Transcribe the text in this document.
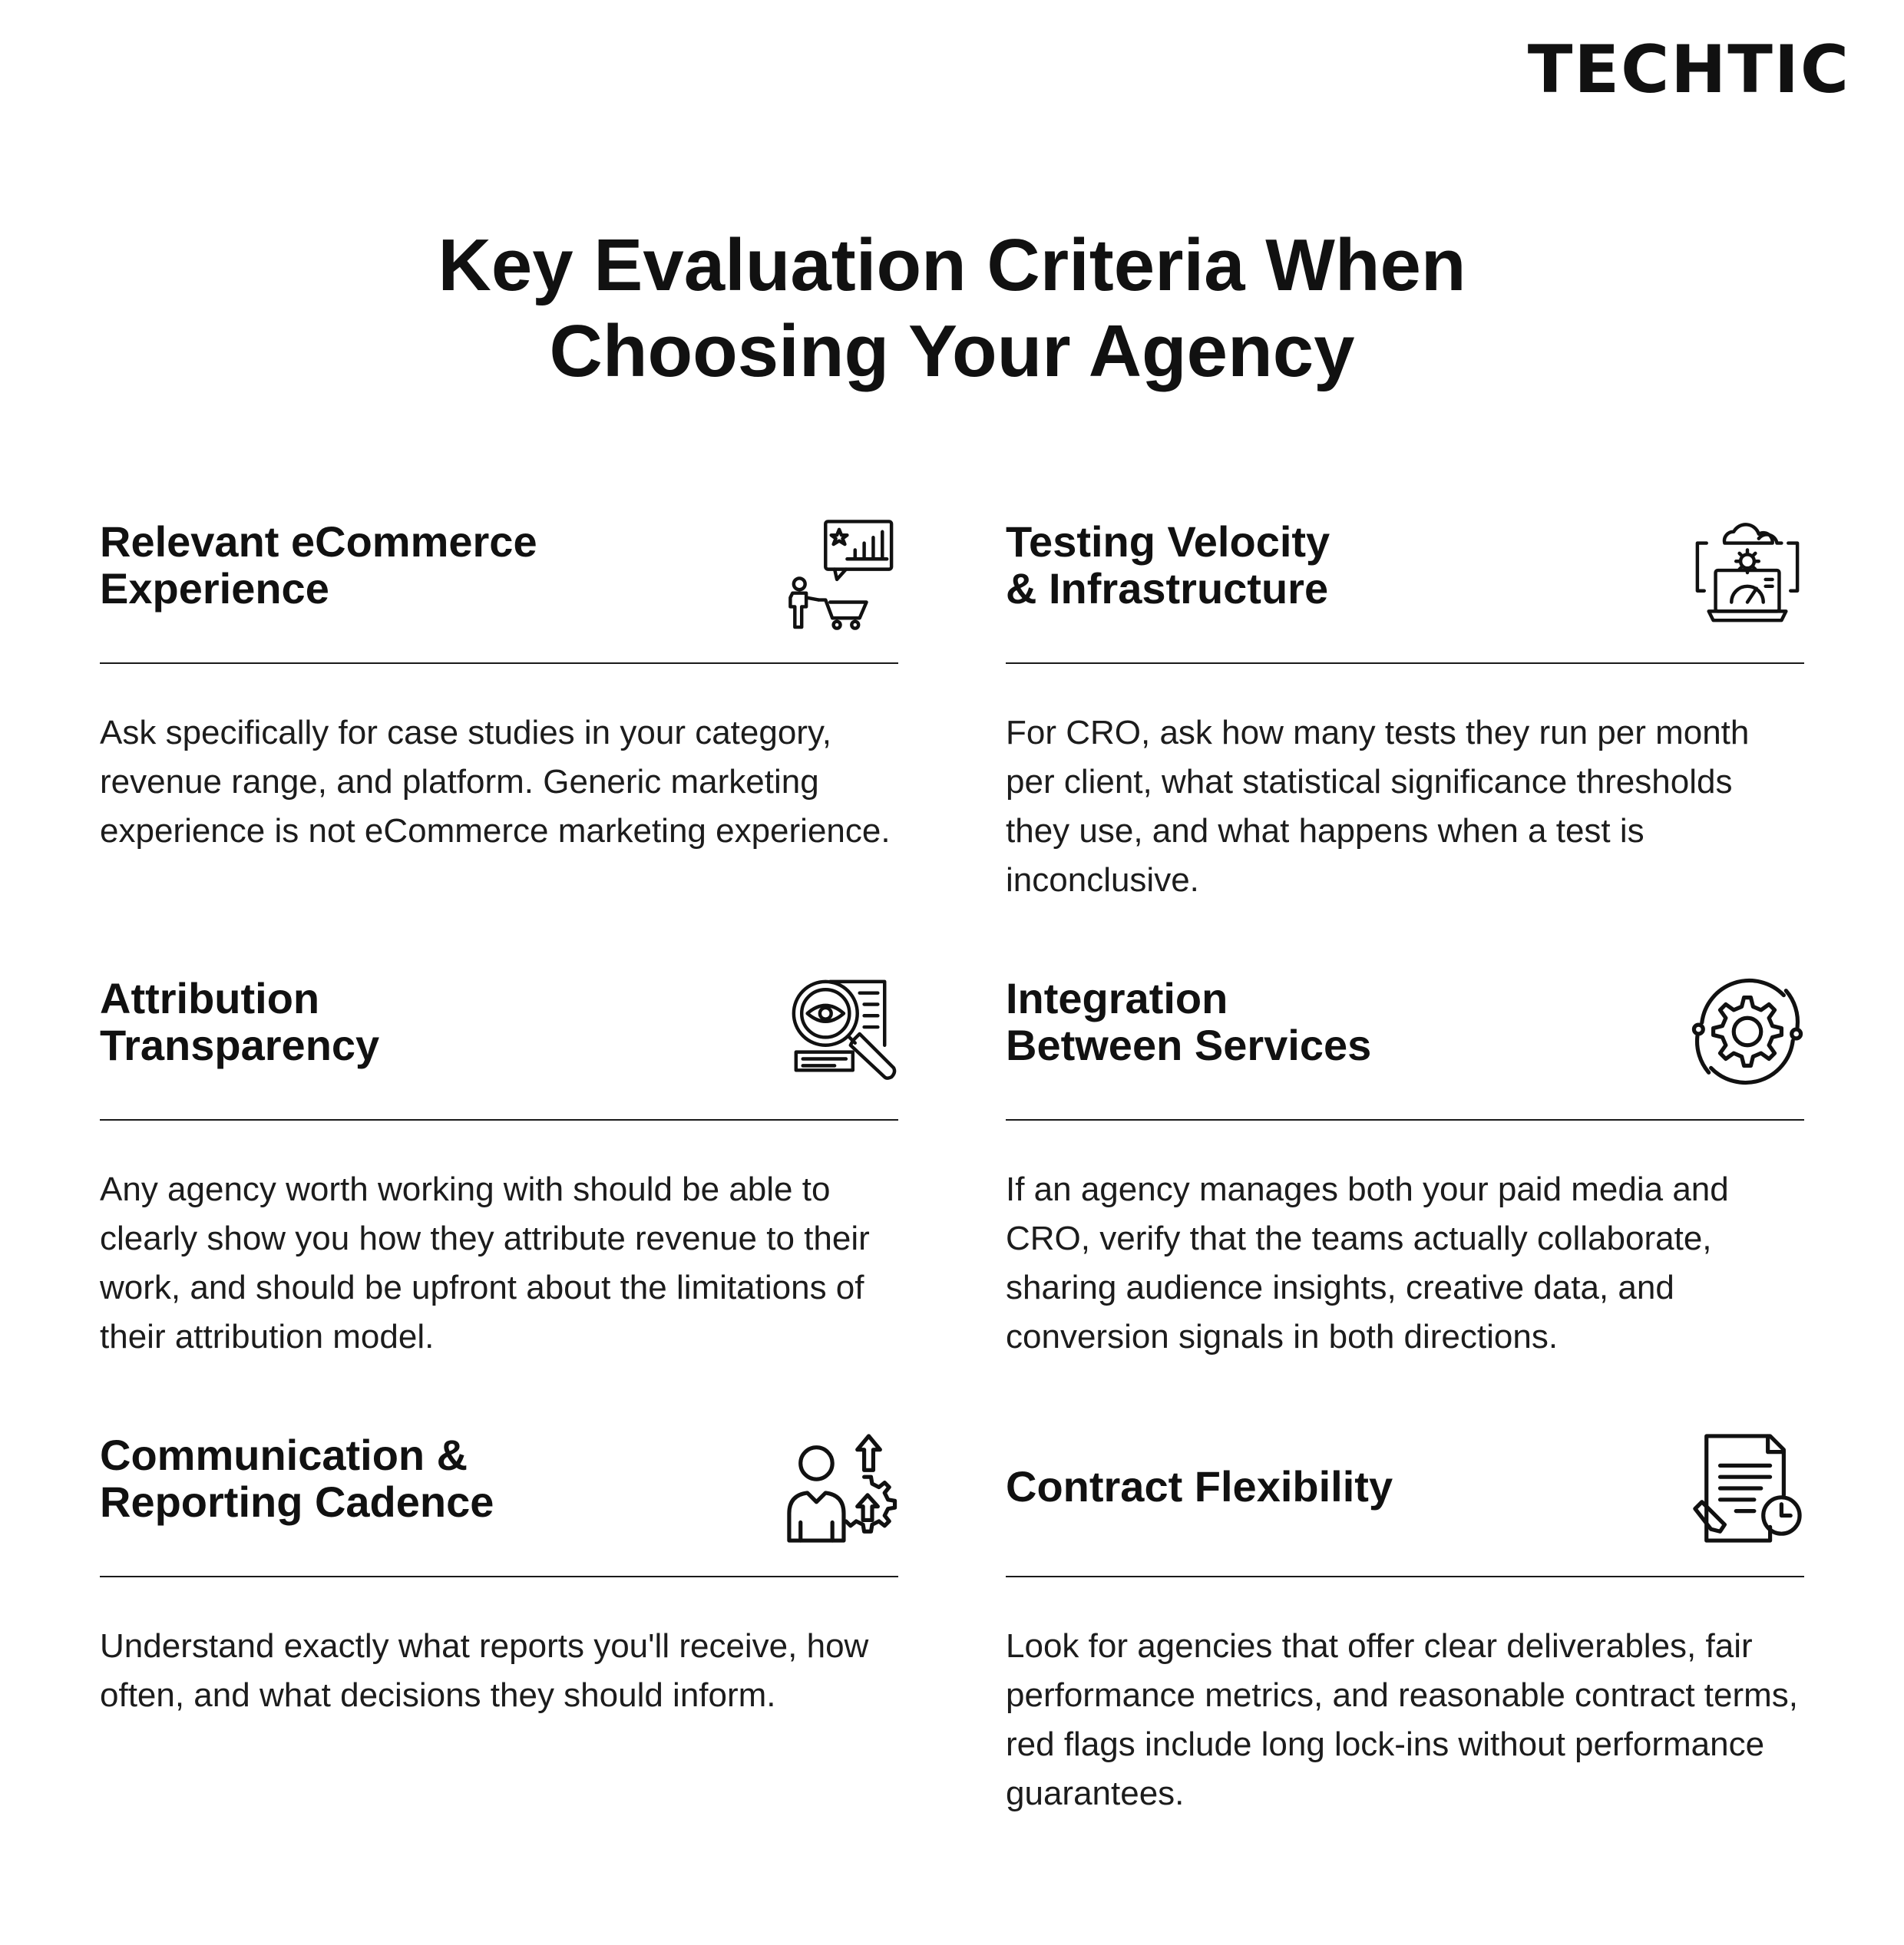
TECHTIC
Key Evaluation Criteria When
Choosing Your Agency
Relevant eCommerce
Experience
Ask specifically for case studies in your category, revenue range, and platform. Generic marketing experience is not eCommerce marketing experience.
Testing Velocity
& Infrastructure
For CRO, ask how many tests they run per month per client, what statistical significance thresholds they use, and what happens when a test is inconclusive.
Attribution
Transparency
Any agency worth working with should be able to clearly show you how they attribute revenue to their work, and should be upfront about the limitations of their attribution model.
Integration
Between Services
If an agency manages both your paid media and CRO, verify that the teams actually collaborate, sharing audience insights, creative data, and conversion signals in both directions.
Communication &
Reporting Cadence
Understand exactly what reports you'll receive, how often, and what decisions they should inform.
Contract Flexibility
Look for agencies that offer clear deliverables, fair performance metrics, and reasonable contract terms, red flags include long lock-ins without performance guarantees.
